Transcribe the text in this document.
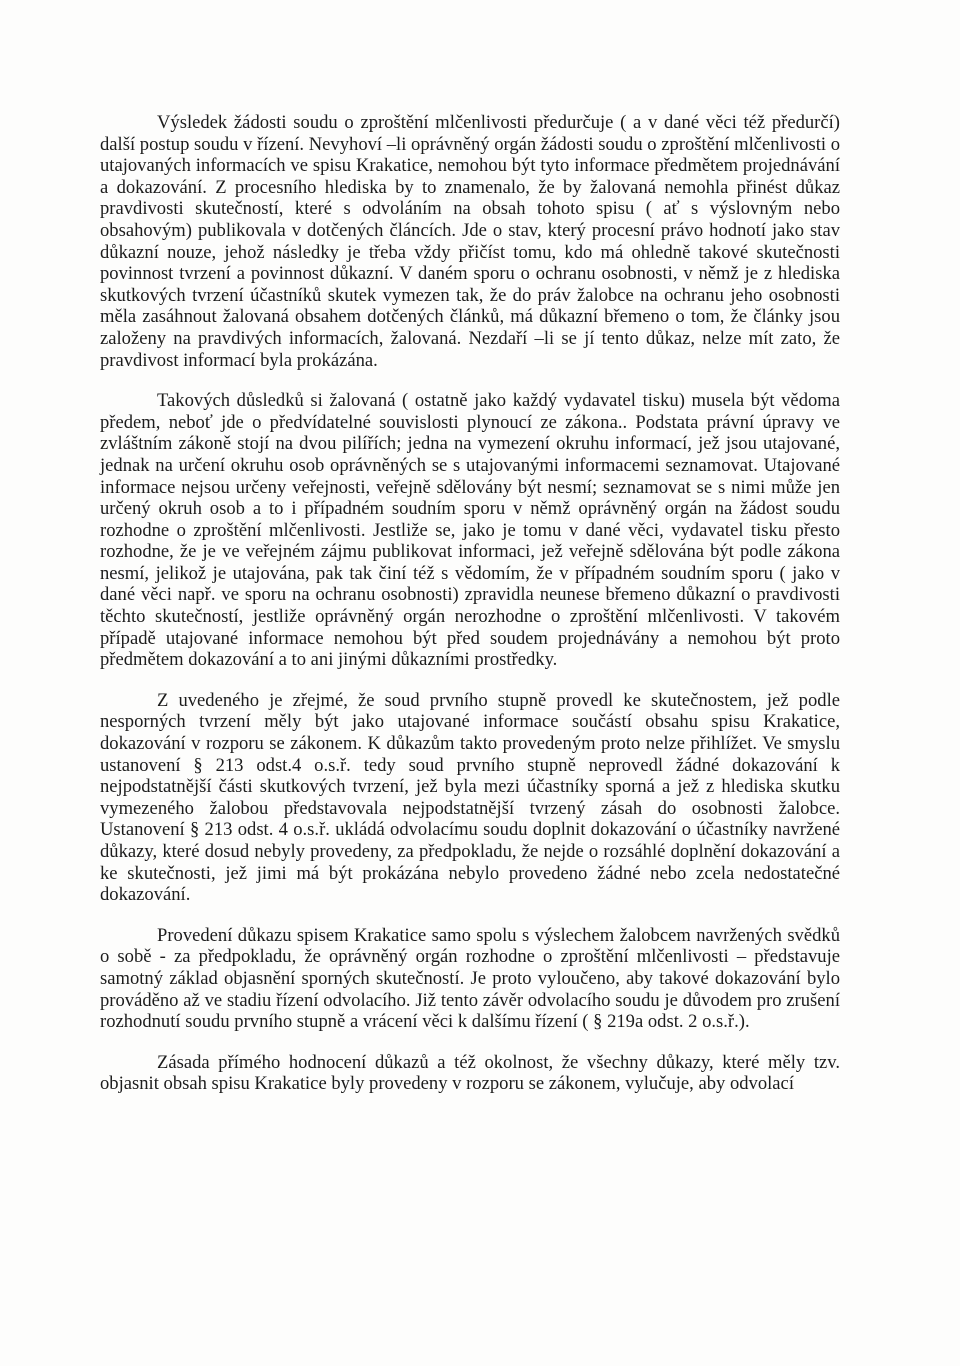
Výsledek žádosti soudu o zproštění mlčenlivosti předurčuje ( a v dané věci též předurčí) další postup soudu v řízení. Nevyhoví –li oprávněný orgán žádosti soudu o zproštění mlčenlivosti o utajovaných informacích ve spisu Krakatice, nemohou být tyto informace předmětem projednávání a dokazování. Z procesního hlediska by to znamenalo, že by žalovaná nemohla přinést důkaz pravdivosti skutečností, které s odvoláním na obsah tohoto spisu ( ať s výslovným nebo obsahovým) publikovala v dotčených článcích. Jde o stav, který procesní právo hodnotí jako stav důkazní nouze, jehož následky je třeba vždy přičíst tomu, kdo má ohledně takové skutečnosti povinnost tvrzení a povinnost důkazní. V daném sporu o ochranu osobnosti, v němž je z hlediska skutkových tvrzení účastníků skutek vymezen tak, že do práv žalobce na ochranu jeho osobnosti měla zasáhnout žalovaná obsahem dotčených článků, má důkazní břemeno o tom, že články jsou založeny na pravdivých informacích, žalovaná. Nezdaří –li se jí tento důkaz, nelze mít zato, že pravdivost informací byla prokázána.

Takových důsledků si žalovaná ( ostatně jako každý vydavatel tisku) musela být vědoma předem, neboť jde o předvídatelné souvislosti plynoucí ze zákona.. Podstata právní úpravy ve zvláštním zákoně stojí na dvou pilířích; jedna na vymezení okruhu informací, jež jsou utajované, jednak na určení okruhu osob oprávněných se s utajovanými informacemi seznamovat. Utajované informace nejsou určeny veřejnosti, veřejně sdělovány být nesmí; seznamovat se s nimi může jen určený okruh osob a to i případném soudním sporu v němž oprávněný orgán na žádost soudu rozhodne o zproštění mlčenlivosti. Jestliže se, jako je tomu v dané věci, vydavatel tisku přesto rozhodne, že je ve veřejném zájmu publikovat informaci, jež veřejně sdělována být podle zákona nesmí, jelikož je utajována, pak tak činí též s vědomím, že v případném soudním sporu ( jako v dané věci např. ve sporu na ochranu osobnosti) zpravidla neunese břemeno důkazní o pravdivosti těchto skutečností, jestliže oprávněný orgán nerozhodne o zproštění mlčenlivosti. V takovém případě utajované informace nemohou být před soudem projednávány a nemohou být proto předmětem dokazování a to ani jinými důkazními prostředky.

Z uvedeného je zřejmé, že soud prvního stupně provedl ke skutečnostem, jež podle nesporných tvrzení měly být jako utajované informace součástí obsahu spisu Krakatice, dokazování v rozporu se zákonem. K důkazům takto provedeným proto nelze přihlížet. Ve smyslu ustanovení § 213 odst.4 o.s.ř. tedy soud prvního stupně neprovedl žádné dokazování k nejpodstatnější části skutkových tvrzení, jež byla mezi účastníky sporná a jež z hlediska skutku vymezeného žalobou představovala nejpodstatnější tvrzený zásah do osobnosti žalobce. Ustanovení § 213 odst. 4 o.s.ř. ukládá odvolacímu soudu doplnit dokazování o účastníky navržené důkazy, které dosud nebyly provedeny, za předpokladu, že nejde o rozsáhlé doplnění dokazování a ke skutečnosti, jež jimi má být prokázána nebylo provedeno žádné nebo zcela nedostatečné dokazování.

Provedení důkazu spisem Krakatice samo spolu s výslechem žalobcem navržených svědků o sobě - za předpokladu, že oprávněný orgán rozhodne o zproštění mlčenlivosti – představuje samotný základ objasnění sporných skutečností. Je proto vyloučeno, aby takové dokazování bylo prováděno až ve stadiu řízení odvolacího. Již tento závěr odvolacího soudu je důvodem pro zrušení rozhodnutí soudu prvního stupně a vrácení věci k dalšímu řízení ( § 219a odst. 2 o.s.ř.).

Zásada přímého hodnocení důkazů a též okolnost, že všechny důkazy, které měly tzv. objasnit obsah spisu Krakatice byly provedeny v rozporu se zákonem, vylučuje, aby odvolací
